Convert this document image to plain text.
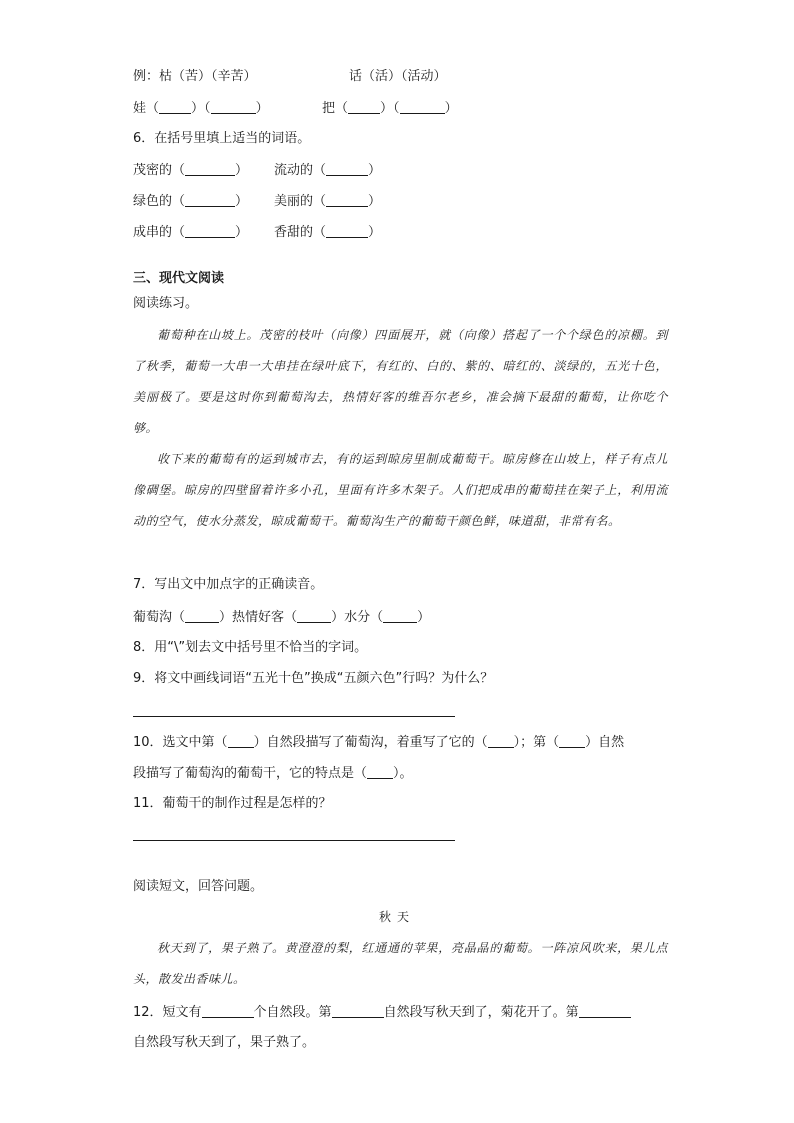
例：枯（苦）（辛苦）	话（活）（活动）
娃（ ）（	）	把（ ）（	）
6．在括号里填上适当的词语。
茂密的（	） 流动的（	）
绿色的（	） 美丽的（	）
成串的（	） 香甜的（	）
三、现代文阅读
阅读练习。
葡萄种在山坡上。茂密的枝叶（向像）四面展开，就（向像）搭起了一个个绿色的凉棚。到了秋季，葡萄一大串一大串挂在绿叶底下，有红的、白的、紫的、暗红的、淡绿的，五光十色，美丽极了。要是这时你到葡萄沟去，热情好客的维吾尔老乡，准会摘下最甜的葡萄，让你吃个够。
收下来的葡萄有的运到城市去，有的运到晾房里制成葡萄干。晾房修在山坡上，样子有点儿像碉堡。晾房的四壁留着许多小孔，里面有许多木架子。人们把成串的葡萄挂在架子上，利用流动的空气，使水分蒸发，晾成葡萄干。葡萄沟生产的葡萄干颜色鲜，味道甜，非常有名。
7．写出文中加点字的正确读音。
葡萄沟（	）热情好客（	）水分（	）
8．用“\”划去文中括号里不恰当的字词。
9．将文中画线词语“五光十色”换成“五颜六色”行吗？为什么？
10．选文中第（ ）自然段描写了葡萄沟，着重写了它的（ ）；第（ ）自然
段描写了葡萄沟的葡萄干，它的特点是（ ）。
11．葡萄干的制作过程是怎样的？
阅读短文，回答问题。
秋天
秋天到了，果子熟了。黄澄澄的梨，红通通的苹果，亮晶晶的葡萄。一阵凉风吹来，果儿点头，散发出香味儿。
12．短文有	个自然段。第	自然段写秋天到了，菊花开了。第
自然段写秋天到了，果子熟了。
